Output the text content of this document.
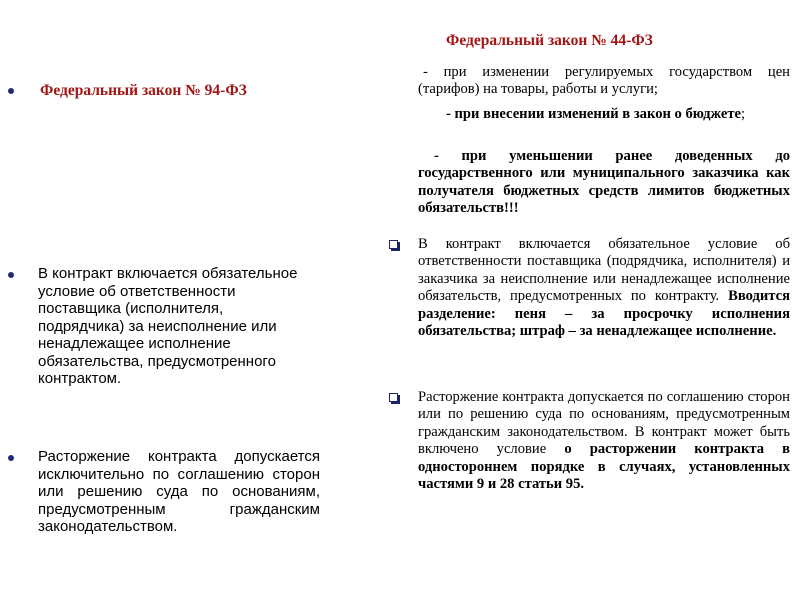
Федеральный закон № 94-ФЗ

В контракт включается обязательное условие об ответственности поставщика (исполнителя, подрядчика) за неисполнение или ненадлежащее исполнение обязательства, предусмотренного контрактом.

Расторжение контракта допускается исключительно по соглашению сторон или решению суда по основаниям, предусмотренным гражданским законодательством.

Федеральный закон № 44-ФЗ

- при изменении регулируемых государством цен (тарифов) на товары, работы и услуги;

- при внесении изменений в закон о бюджете;

- при уменьшении ранее доведенных до государственного или муниципального заказчика как получателя бюджетных средств лимитов бюджетных обязательств!!!

В контракт включается обязательное условие об ответственности поставщика (подрядчика, исполнителя) и заказчика за неисполнение или ненадлежащее исполнение обязательств, предусмотренных по контракту. Вводится разделение: пеня – за просрочку исполнения обязательства; штраф – за ненадлежащее исполнение.

Расторжение контракта допускается по соглашению сторон или по решению суда по основаниям, предусмотренным гражданским законодательством. В контракт может быть включено условие о расторжении контракта в одностороннем порядке в случаях, установленных частями 9 и 28 статьи 95.
